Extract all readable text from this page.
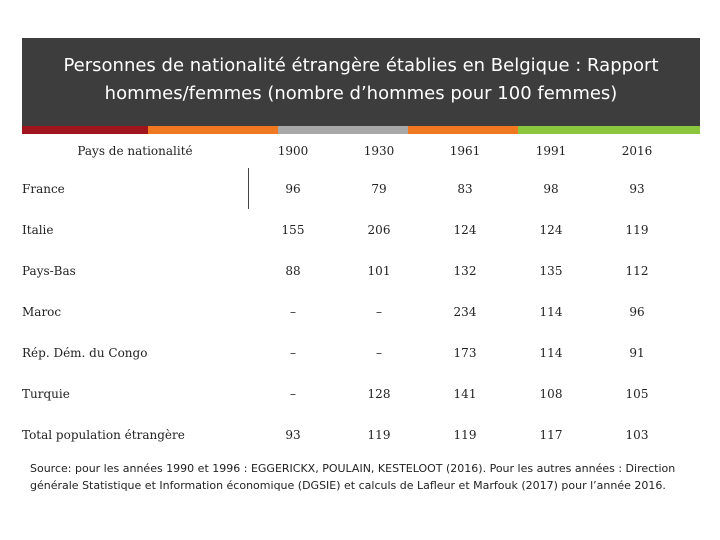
Personnes de nationalité étrangère établies en Belgique : Rapport hommes/femmes (nombre d’hommes pour 100 femmes)
Pays de nationalité	1900	1930	1961	1991	2016
France	96	79	83	98	93
Italie	155	206	124	124	119
Pays-Bas	88	101	132	135	112
Maroc	–	–	234	114	96
Rép. Dém. du Congo	–	–	173	114	91
Turquie	–	128	141	108	105
Total population étrangère	93	119	119	117	103
Source: pour les années 1990 et 1996 : EGGERICKX, POULAIN, KESTELOOT (2016). Pour les autres années : Direction générale Statistique et Information économique (DGSIE) et calculs de Lafleur et Marfouk (2017) pour l’année 2016.
